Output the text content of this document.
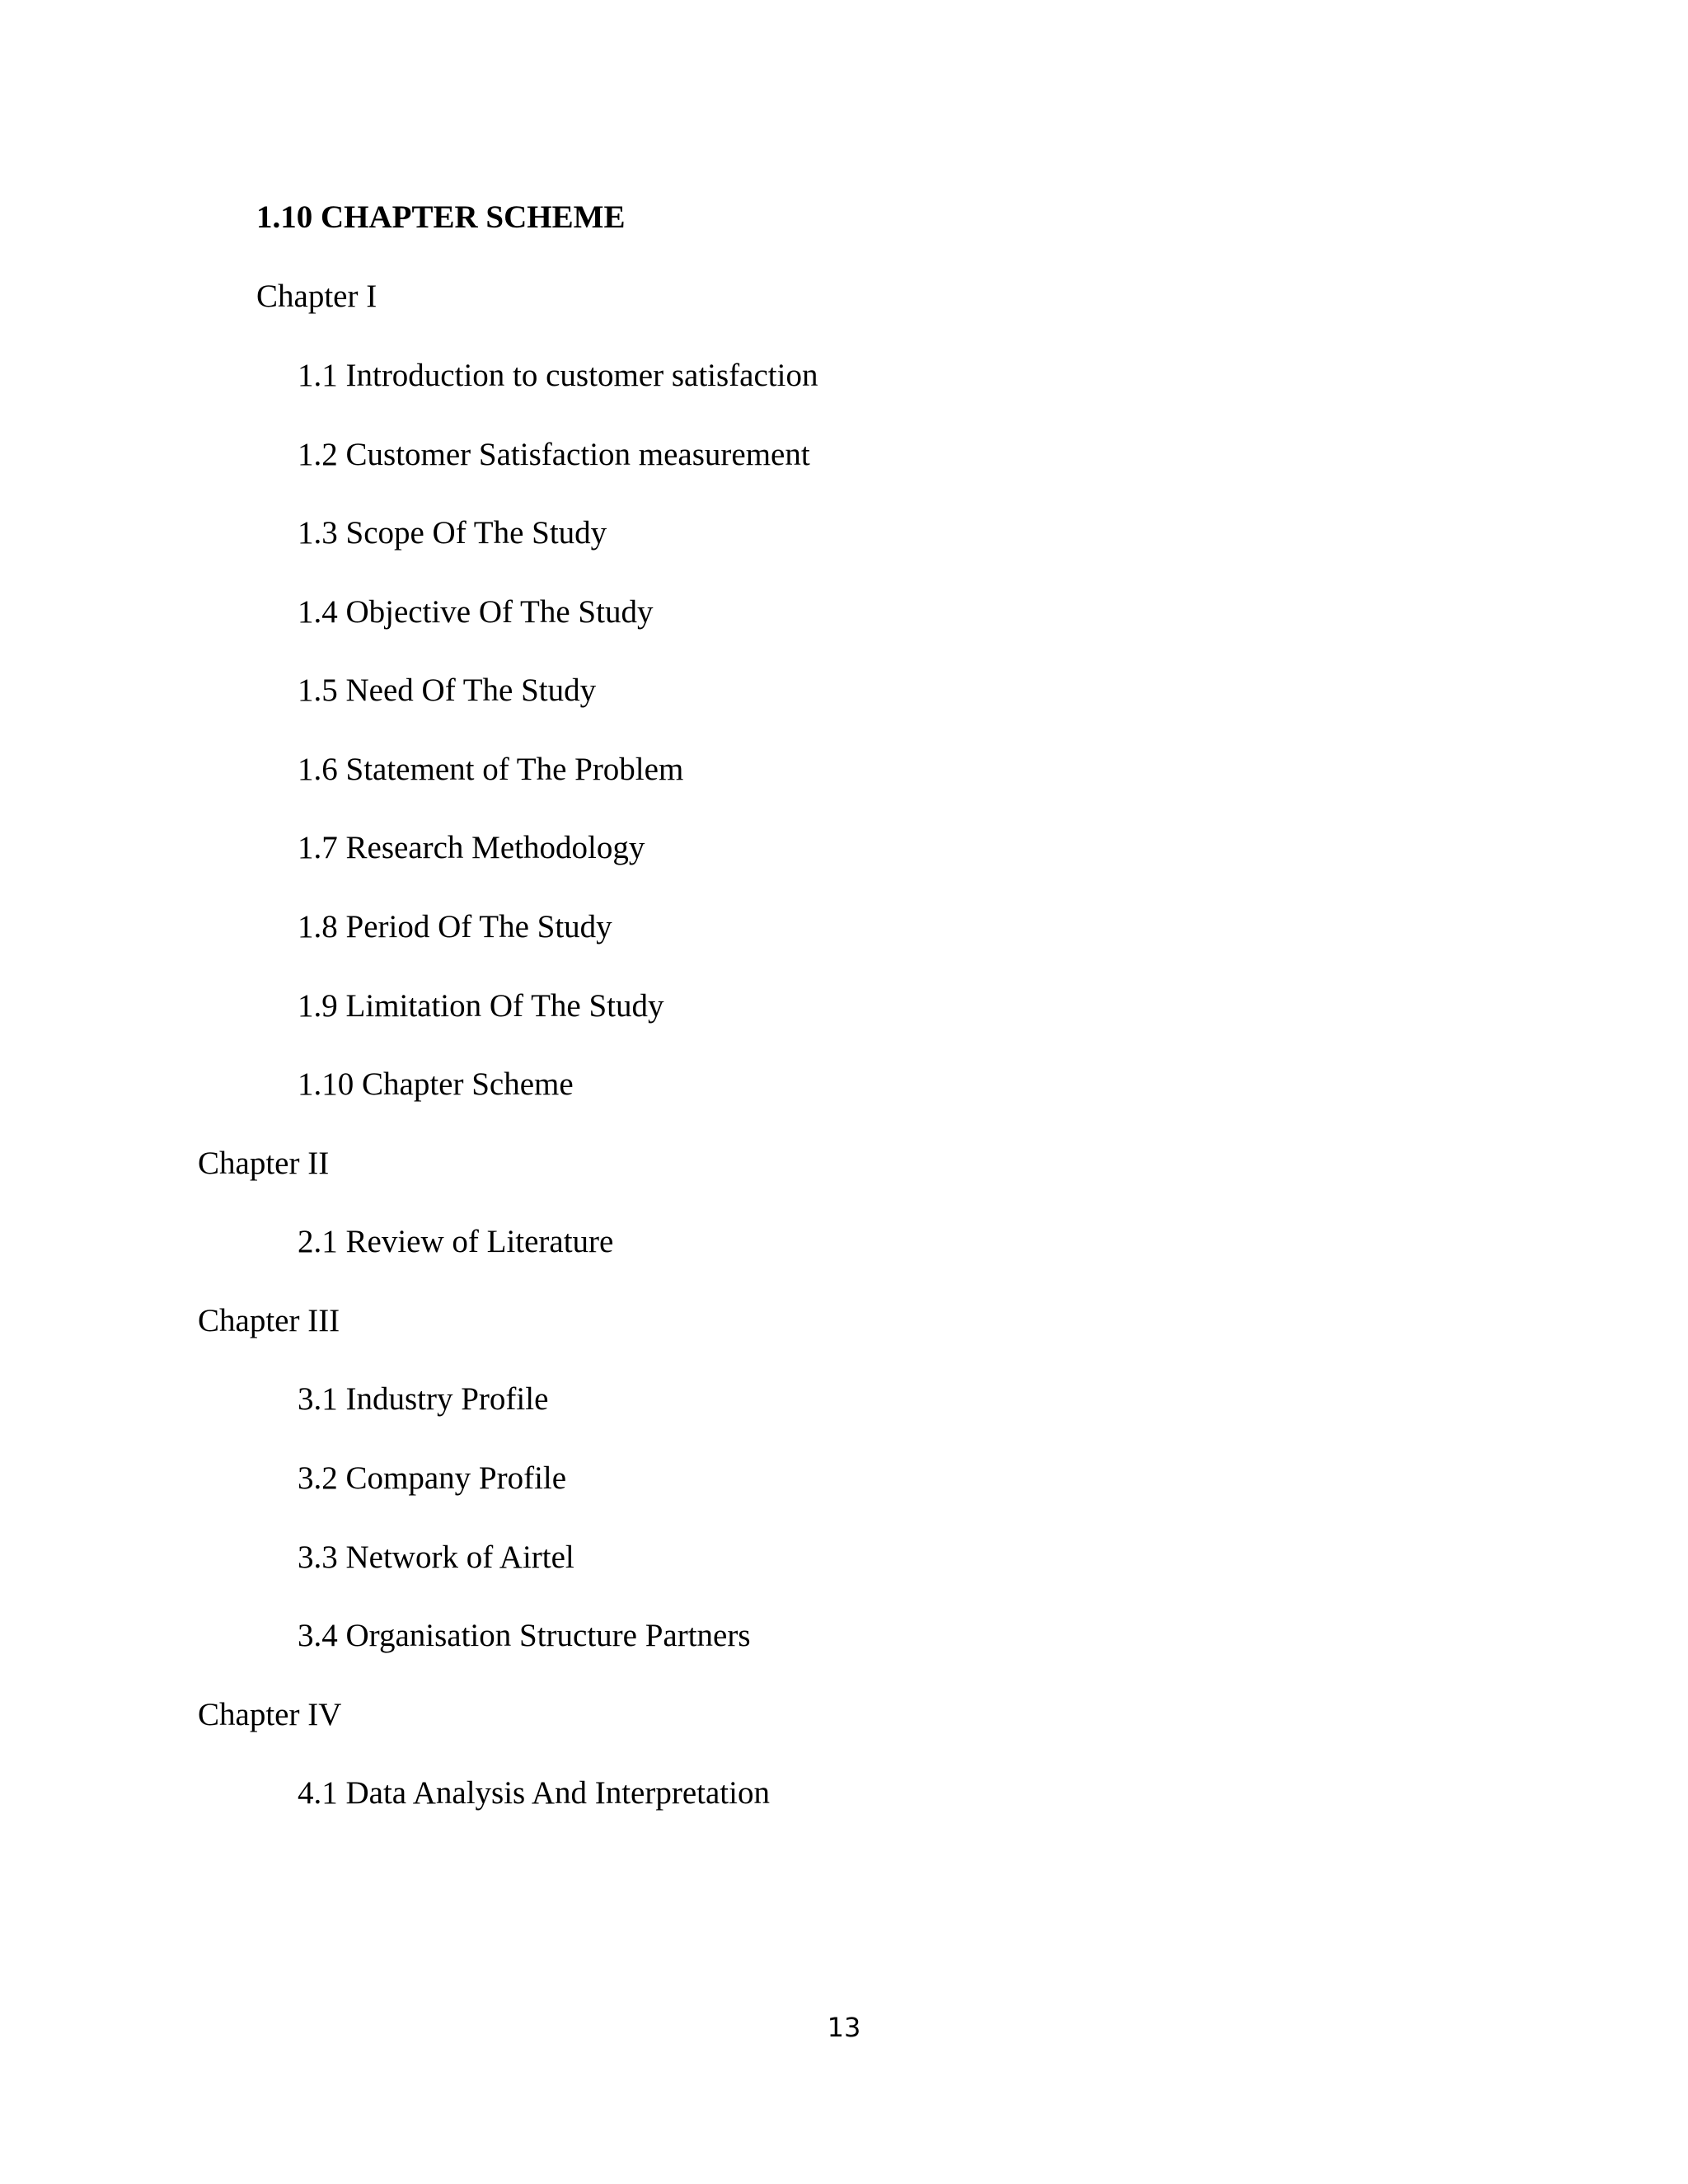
1.10 CHAPTER SCHEME
Chapter I
1.1 Introduction to customer satisfaction
1.2 Customer Satisfaction measurement
1.3 Scope Of The Study
1.4 Objective Of The Study
1.5 Need Of The Study
1.6 Statement of The Problem
1.7 Research Methodology
1.8 Period Of The Study
1.9 Limitation Of The Study
1.10 Chapter Scheme
Chapter II
2.1 Review of Literature
Chapter III
3.1 Industry Profile
3.2 Company Profile
3.3 Network of Airtel
3.4 Organisation Structure Partners
Chapter IV
4.1 Data Analysis And Interpretation
13
